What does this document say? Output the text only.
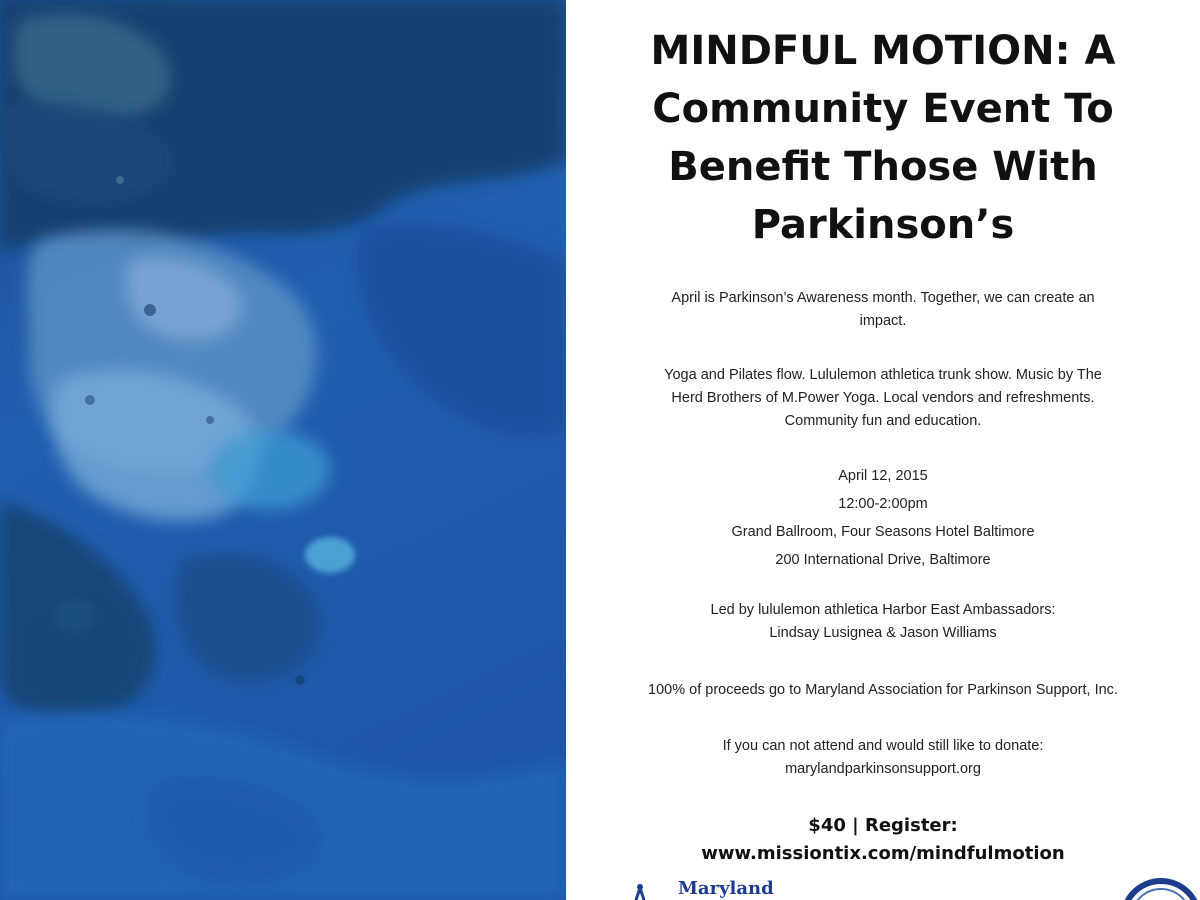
MINDFUL MOTION: A
Community Event To
Benefit Those With
Parkinson’s
April is Parkinson’s Awareness month. Together, we can create an
impact.
Yoga and Pilates flow. Lululemon athletica trunk show. Music by The
Herd Brothers of M.Power Yoga. Local vendors and refreshments.
Community fun and education.
April 12, 2015
12:00-2:00pm
Grand Ballroom, Four Seasons Hotel Baltimore
200 International Drive, Baltimore
Led by lululemon athletica Harbor East Ambassadors:
Lindsay Lusignea & Jason Williams
100% of proceeds go to Maryland Association for Parkinson Support, Inc.
If you can not attend and would still like to donate:
marylandparkinsonsupport.org
$40 | Register:
www.missiontix.com/mindfulmotion
Maryland
